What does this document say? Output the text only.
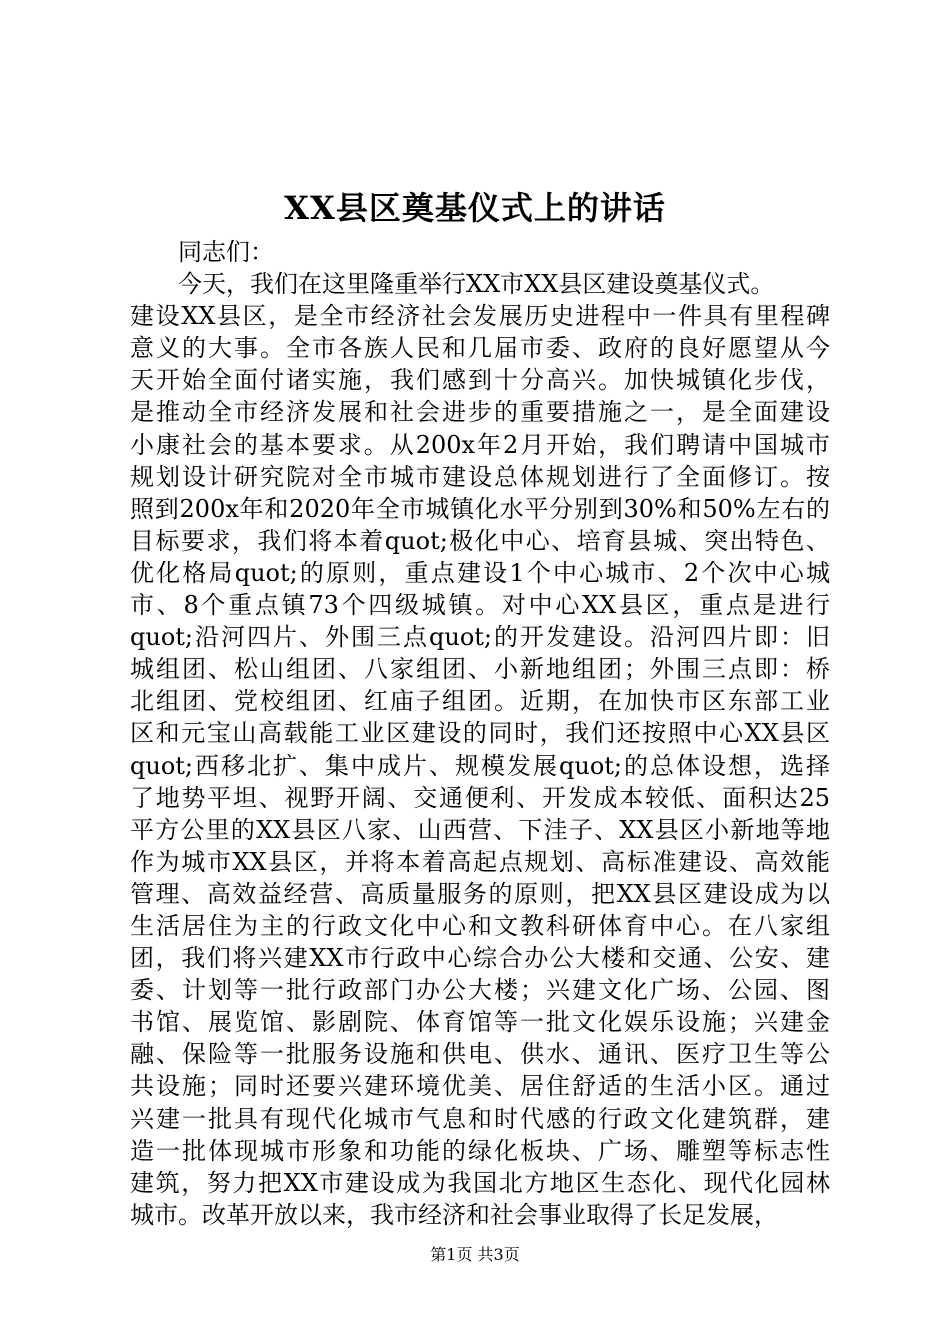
XX县区奠基仪式上的讲话
同志们：
今天，我们在这里隆重举行XX市XX县区建设奠基仪式。
建设XX县区，是全市经济社会发展历史进程中一件具有里程碑
意义的大事。全市各族人民和几届市委、政府的良好愿望从今
天开始全面付诸实施，我们感到十分高兴。加快城镇化步伐，
是推动全市经济发展和社会进步的重要措施之一，是全面建设
小康社会的基本要求。从200x年2月开始，我们聘请中国城市
规划设计研究院对全市城市建设总体规划进行了全面修订。按
照到200x年和2020年全市城镇化水平分别到30%和50%左右的
目标要求，我们将本着quot;极化中心、培育县城、突出特色、
优化格局quot;的原则，重点建设1个中心城市、2个次中心城
市、8个重点镇73个四级城镇。对中心XX县区，重点是进行
quot;沿河四片、外围三点quot;的开发建设。沿河四片即：旧
城组团、松山组团、八家组团、小新地组团；外围三点即：桥
北组团、党校组团、红庙子组团。近期，在加快市区东部工业
区和元宝山高载能工业区建设的同时，我们还按照中心XX县区
quot;西移北扩、集中成片、规模发展quot;的总体设想，选择
了地势平坦、视野开阔、交通便利、开发成本较低、面积达25
平方公里的XX县区八家、山西营、下洼子、XX县区小新地等地
作为城市XX县区，并将本着高起点规划、高标准建设、高效能
管理、高效益经营、高质量服务的原则，把XX县区建设成为以
生活居住为主的行政文化中心和文教科研体育中心。在八家组
团，我们将兴建XX市行政中心综合办公大楼和交通、公安、建
委、计划等一批行政部门办公大楼；兴建文化广场、公园、图
书馆、展览馆、影剧院、体育馆等一批文化娱乐设施；兴建金
融、保险等一批服务设施和供电、供水、通讯、医疗卫生等公
共设施；同时还要兴建环境优美、居住舒适的生活小区。通过
兴建一批具有现代化城市气息和时代感的行政文化建筑群，建
造一批体现城市形象和功能的绿化板块、广场、雕塑等标志性
建筑，努力把XX市建设成为我国北方地区生态化、现代化园林
城市。改革开放以来，我市经济和社会事业取得了长足发展，
第1页 共3页
